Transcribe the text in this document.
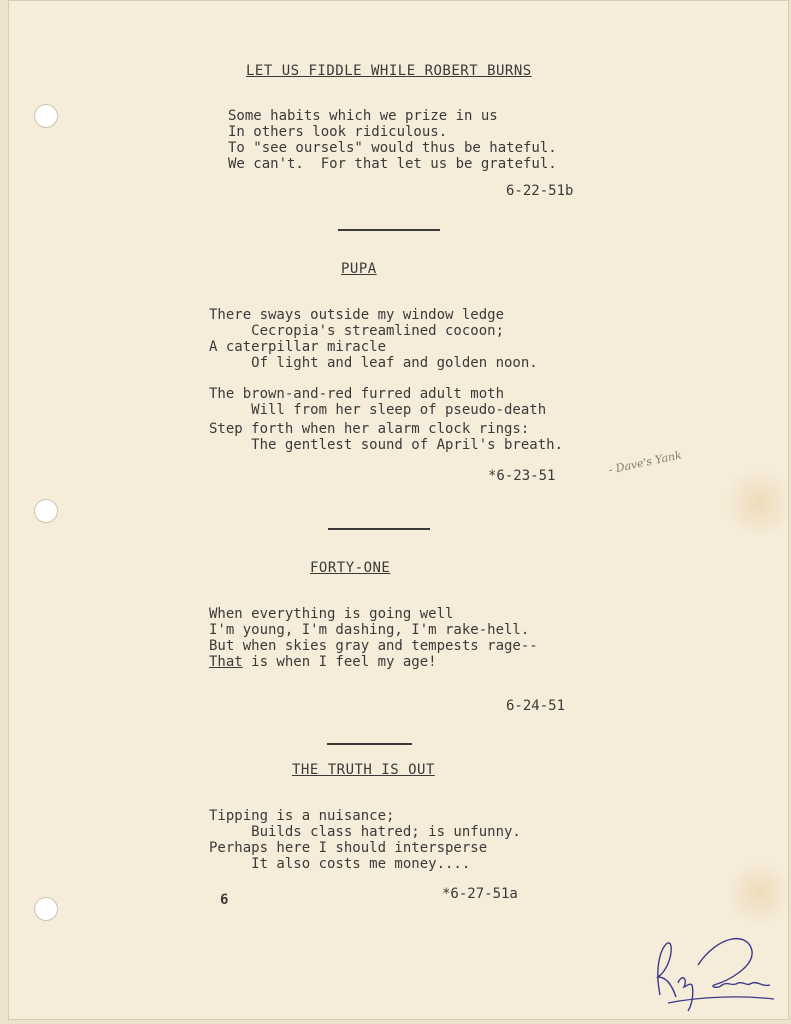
LET US FIDDLE WHILE ROBERT BURNS
Some habits which we prize in us
In others look ridiculous.
To "see oursels" would thus be hateful.
We can't.  For that let us be grateful.
6-22-51b
PUPA
There sways outside my window ledge
Cecropia's streamlined cocoon;
A caterpillar miracle
Of light and leaf and golden noon.
The brown-and-red furred adult moth
Will from her sleep of pseudo-death
Step forth when her alarm clock rings:
The gentlest sound of April's breath.
*6-23-51	- Dave's Yank
FORTY-ONE
When everything is going well
I'm young, I'm dashing, I'm rake-hell.
But when skies gray and tempests rage--
That is when I feel my age!
6-24-51
THE TRUTH IS OUT
Tipping is a nuisance;
Builds class hatred; is unfunny.
Perhaps here I should intersperse
It also costs me money....
*6-27-51a
6
